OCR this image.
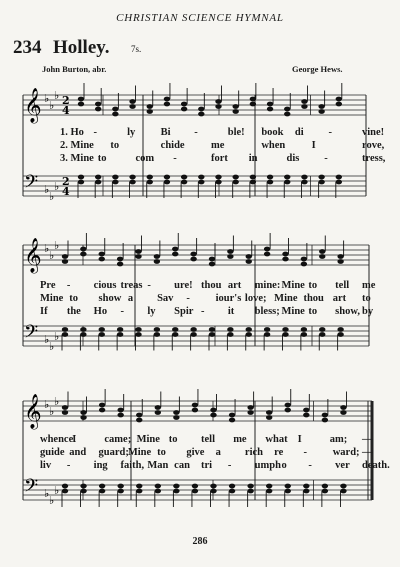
CHRISTIAN SCIENCE HYMNAL
234 Holley. 7s.
John Burton, abr.	George Hews.
𝄞 ♭
♭
♭ 2
4
𝄢 ♭
♭
♭ 2
4
𝄞 ♭
♭
♭
𝄢 ♭
♭
♭
𝄞 ♭
♭
♭
𝄢 ♭
♭
♭
1. Ho -	ly Bi -	ble! book di -	vine!
2. Mine to	chide	me	when	I	rove,
3. Mine to	com -	fort in	dis -	tress,
Pre - cious treas - ure! thou art mine: Mine to tell me
Mine to show a Sav - iour's love; Mine thou art to
If the Ho - ly Spir - it bless; Mine to show, by
whence
I	came; Mine to tell me what I	am; —
guide and guard;
Mine to give a rich re - ward; —
liv - ing faith, Man can tri - umph o - ver death.
286
